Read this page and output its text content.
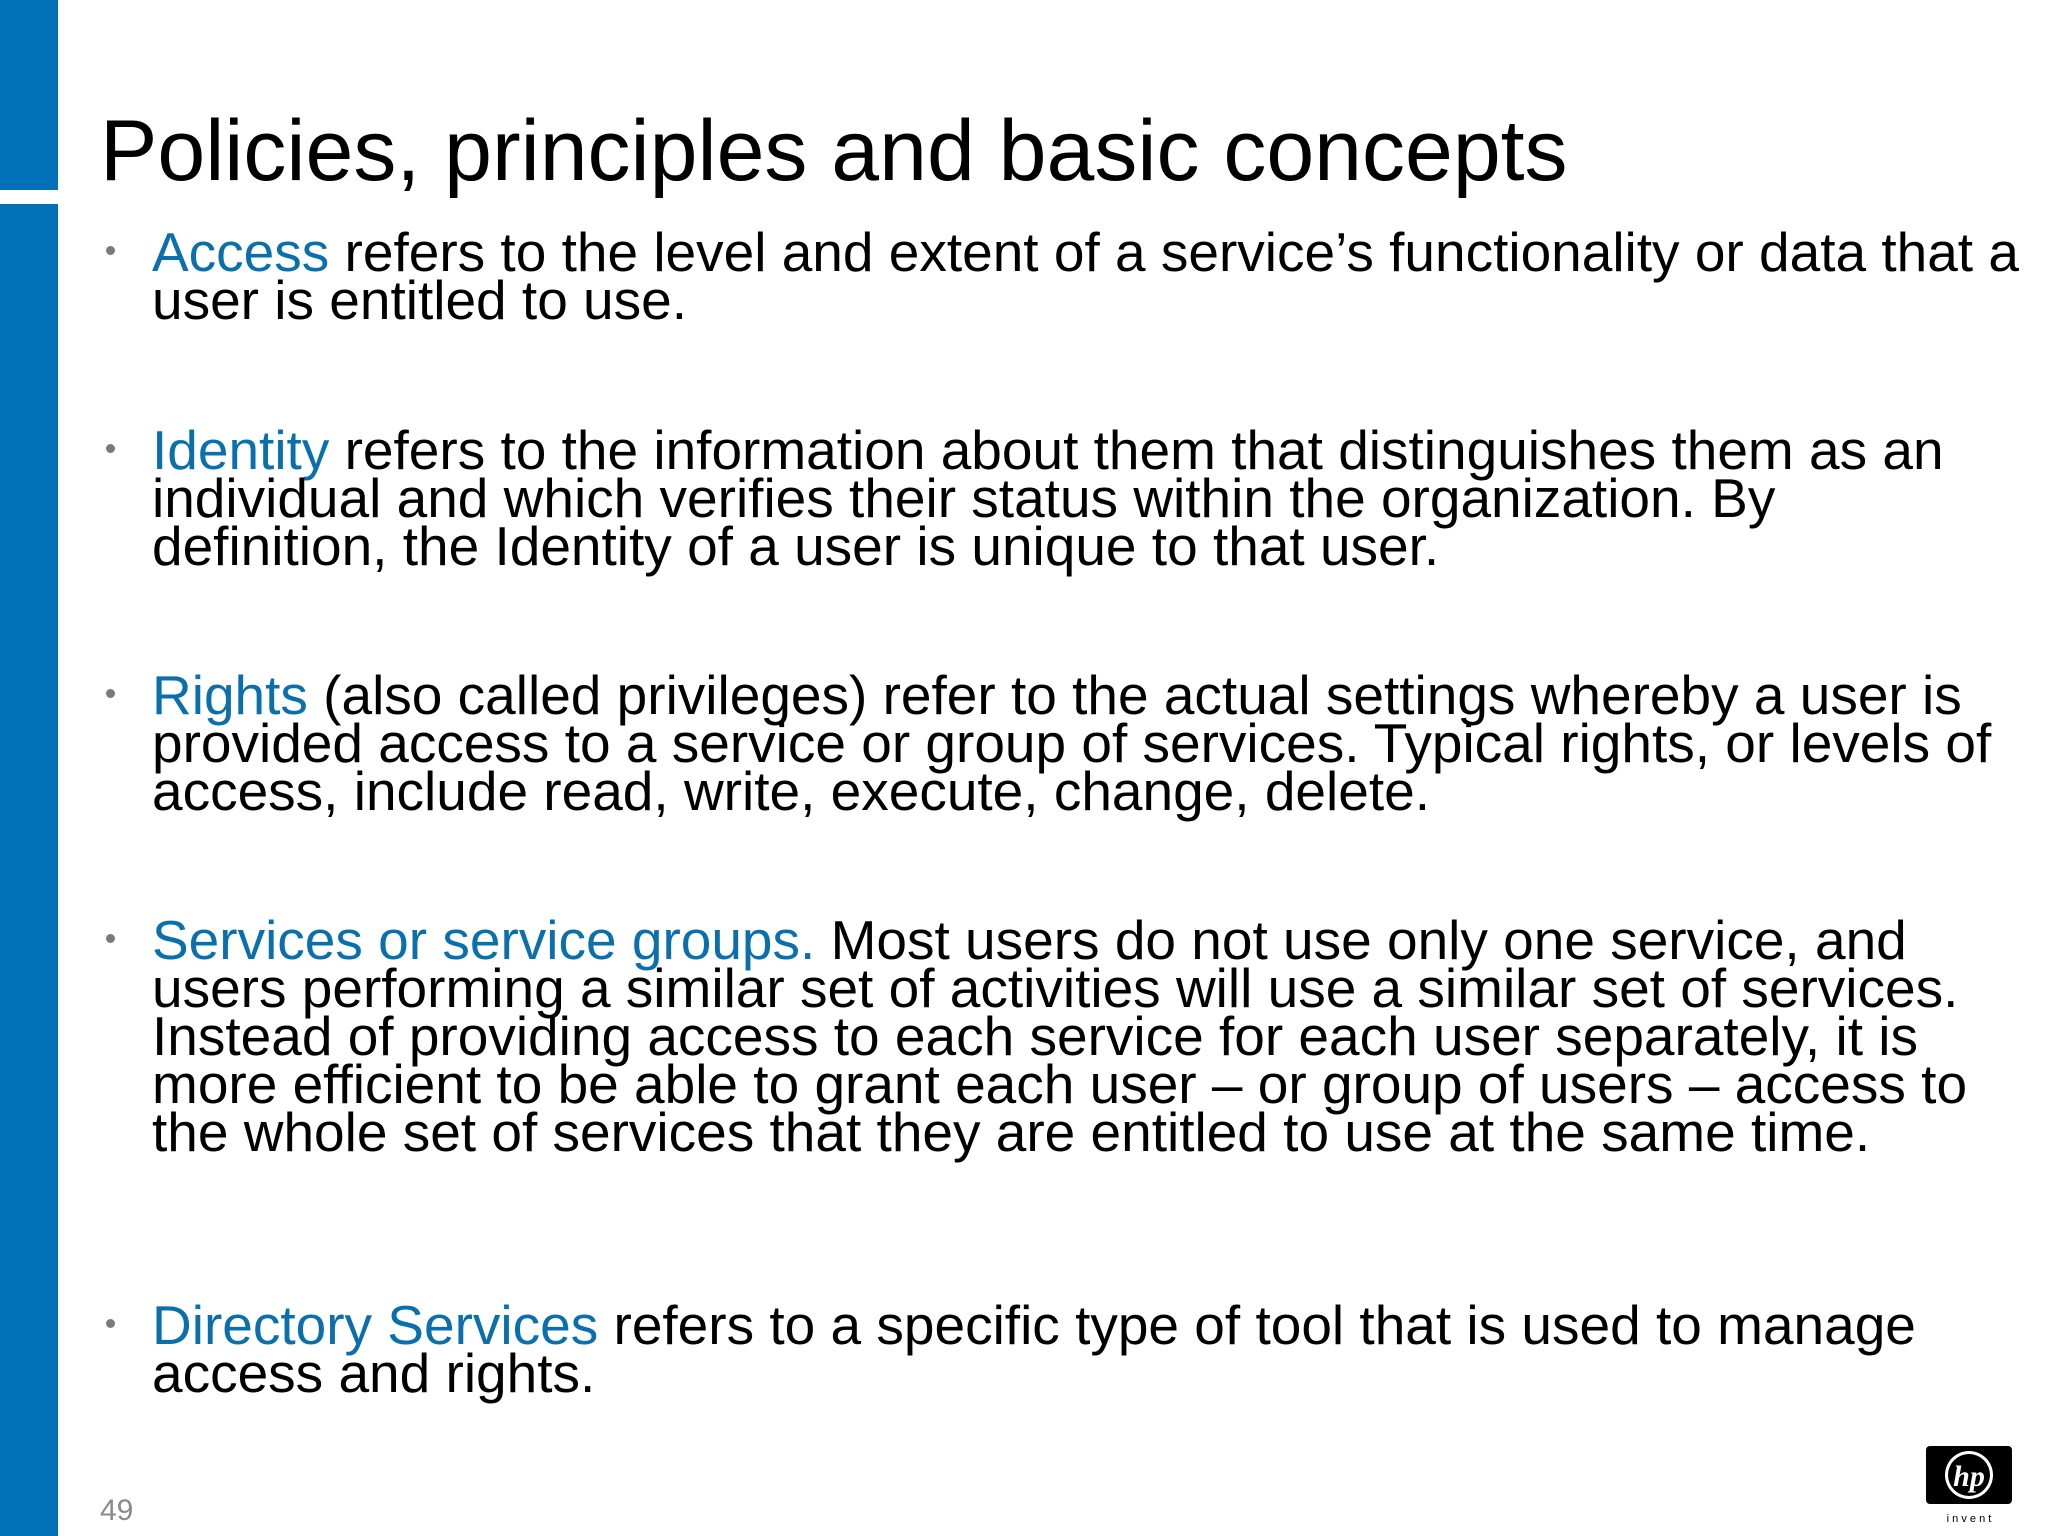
Policies, principles and basic concepts

Access refers to the level and extent of a service’s functionality or data that a user is entitled to use.

Identity refers to the information about them that distinguishes them as an individual and which verifies their status within the organization. By definition, the Identity of a user is unique to that user.

Rights (also called privileges) refer to the actual settings whereby a user is provided access to a service or group of services. Typical rights, or levels of access, include read, write, execute, change, delete.

Services or service groups. Most users do not use only one service, and users performing a similar set of activities will use a similar set of services. Instead of providing access to each service for each user separately, it is more efficient to be able to grant each user – or group of users – access to the whole set of services that they are entitled to use at the same time.

Directory Services refers to a specific type of tool that is used to manage access and rights.

49
hp
i n v e n t
